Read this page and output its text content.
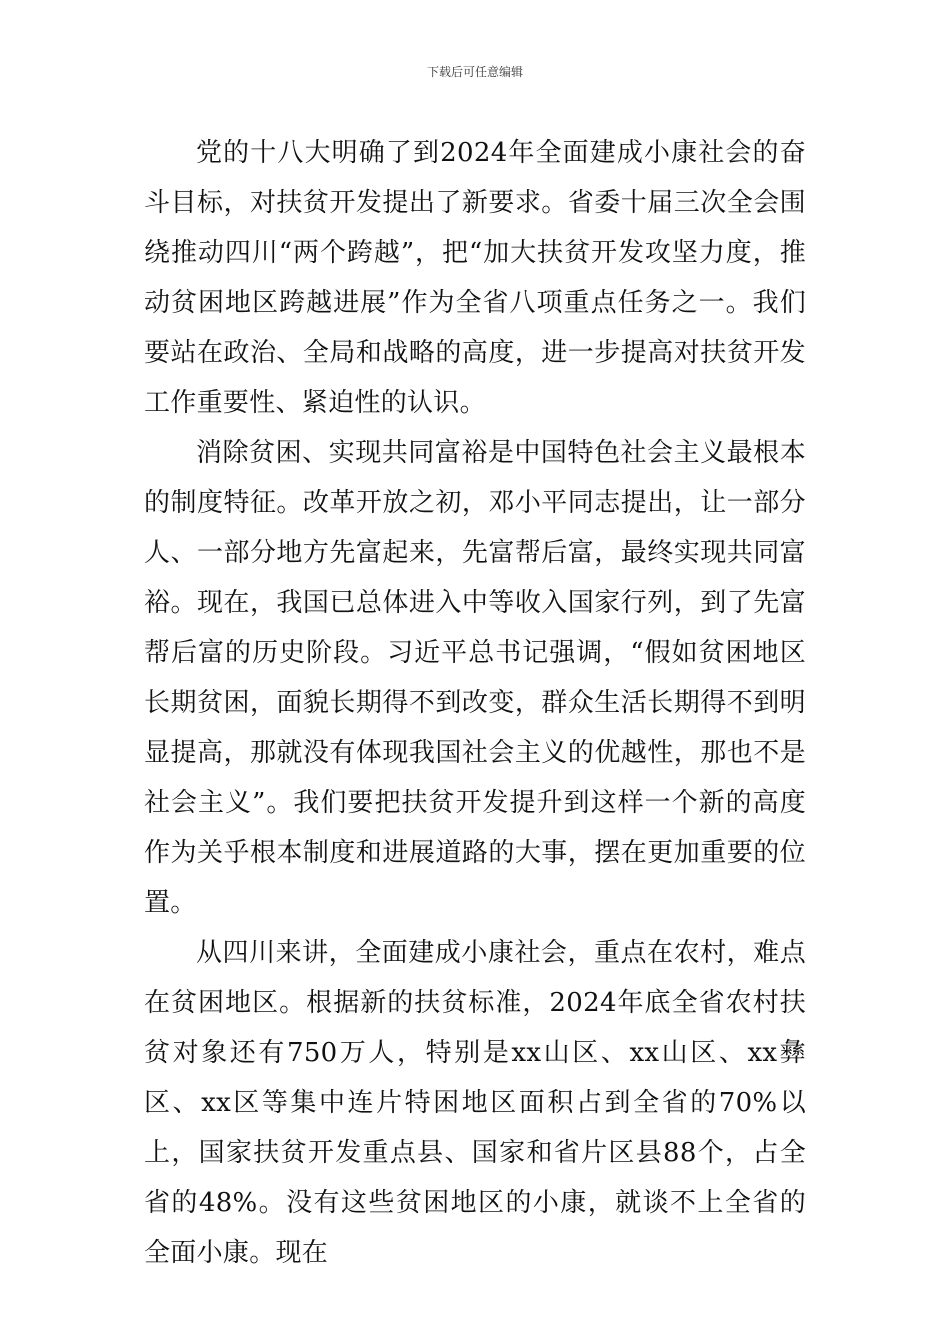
下载后可任意编辑

党的十八大明确了到2024年全面建成小康社会的奋斗目标，对扶贫开发提出了新要求。省委十届三次全会围绕推动四川“两个跨越”，把“加大扶贫开发攻坚力度，推动贫困地区跨越进展”作为全省八项重点任务之一。我们要站在政治、全局和战略的高度，进一步提高对扶贫开发工作重要性、紧迫性的认识。

消除贫困、实现共同富裕是中国特色社会主义最根本的制度特征。改革开放之初，邓小平同志提出，让一部分人、一部分地方先富起来，先富帮后富，最终实现共同富裕。现在，我国已总体进入中等收入国家行列，到了先富帮后富的历史阶段。习近平总书记强调，“假如贫困地区长期贫困，面貌长期得不到改变，群众生活长期得不到明显提高，那就没有体现我国社会主义的优越性，那也不是社会主义”。我们要把扶贫开发提升到这样一个新的高度作为关乎根本制度和进展道路的大事，摆在更加重要的位置。

从四川来讲，全面建成小康社会，重点在农村，难点在贫困地区。根据新的扶贫标准，2024年底全省农村扶贫对象还有750万人，特别是xx山区、xx山区、xx彝区、xx区等集中连片特困地区面积占到全省的70%以上，国家扶贫开发重点县、国家和省片区县88个，占全省的48%。没有这些贫困地区的小康，就谈不上全省的全面小康。现在
